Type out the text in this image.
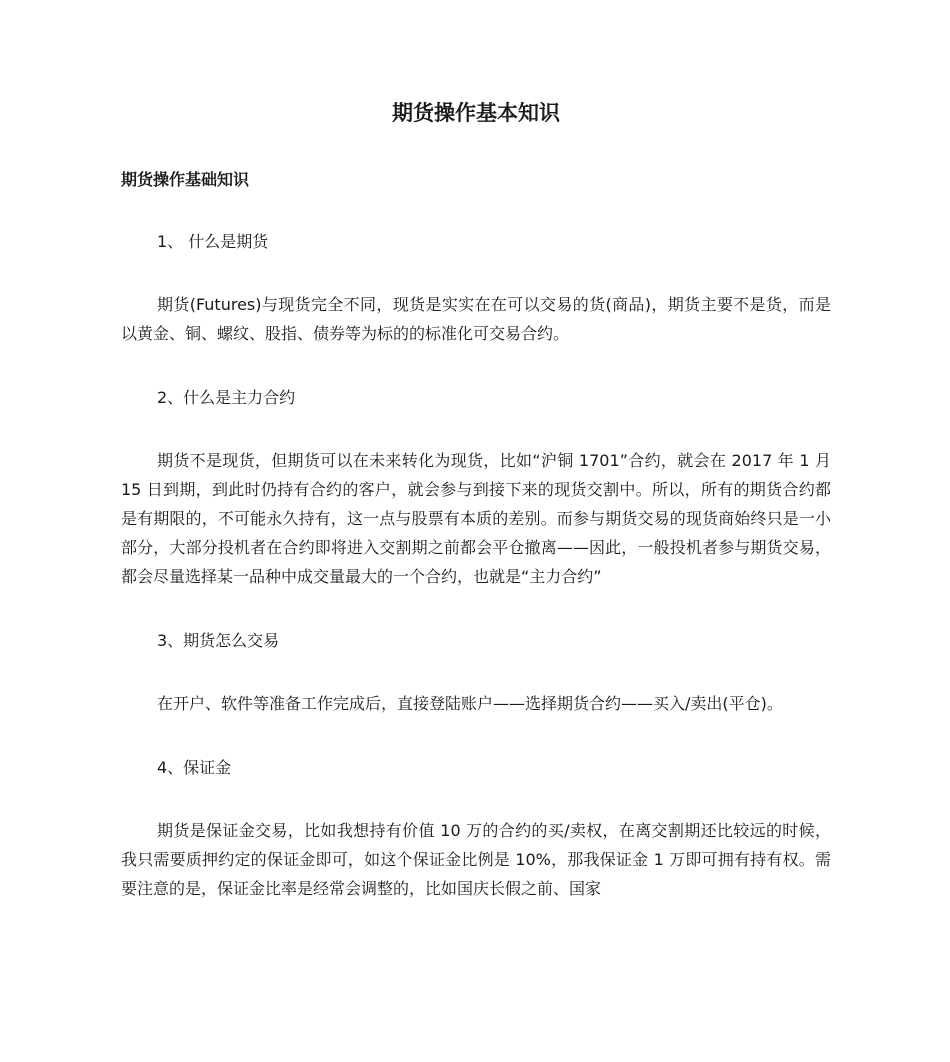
期货操作基本知识
期货操作基础知识
1、 什么是期货

期货(Futures)与现货完全不同，现货是实实在在可以交易的货(商品)，期货主要不是货，而是以黄金、铜、螺纹、股指、债券等为标的的标准化可交易合约。

2、什么是主力合约

期货不是现货，但期货可以在未来转化为现货，比如“沪铜 1701”合约，就会在 2017 年 1 月 15 日到期，到此时仍持有合约的客户，就会参与到接下来的现货交割中。所以，所有的期货合约都是有期限的，不可能永久持有，这一点与股票有本质的差别。而参与期货交易的现货商始终只是一小部分，大部分投机者在合约即将进入交割期之前都会平仓撤离——因此，一般投机者参与期货交易，都会尽量选择某一品种中成交量最大的一个合约，也就是“主力合约”

3、期货怎么交易

在开户、软件等准备工作完成后，直接登陆账户——选择期货合约——买入/卖出(平仓)。

4、保证金

期货是保证金交易，比如我想持有价值 10 万的合约的买/卖权，在离交割期还比较远的时候，我只需要质押约定的保证金即可，如这个保证金比例是 10%，那我保证金 1 万即可拥有持有权。需要注意的是，保证金比率是经常会调整的，比如国庆长假之前、国家
